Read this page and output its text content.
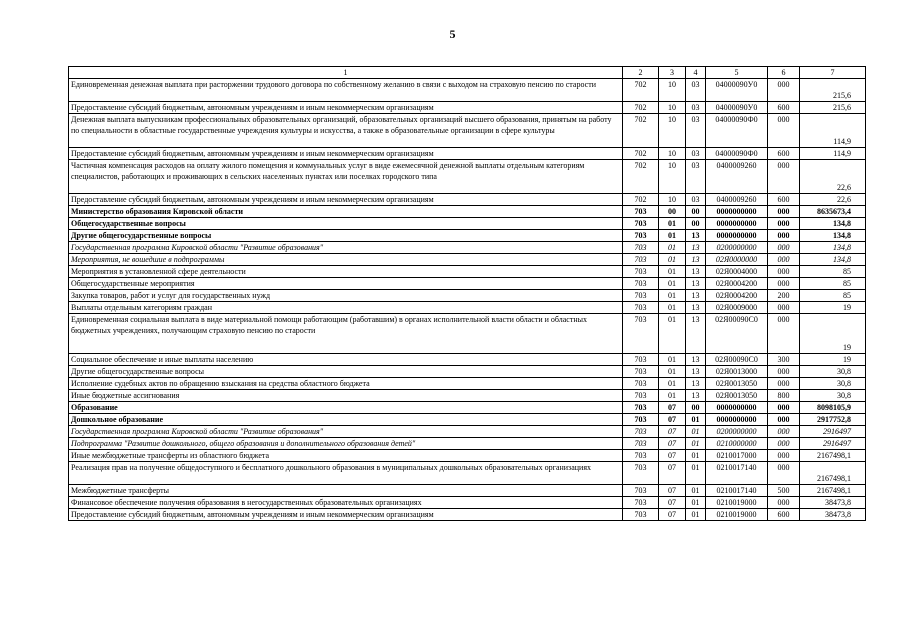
5
1	2	3	4	5	6	7
Единовременная денежная выплата при расторжении трудового договора по собственному желанию в связи с выходом на страховую пенсию по старости	702	10	03	04000090У0	000	215,6
Предоставление субсидий бюджетным, автономным учреждениям и иным некоммерческим организациям	702	10	03	04000090У0	600	215,6
Денежная выплата выпускникам профессиональных образовательных организаций, образовательных организаций высшего образования, принятым на работу по специальности в областные государственные учреждения культуры и искусства, а также в образовательные организации в сфере культуры	702	10	03	04000090Ф0	000	114,9
Предоставление субсидий бюджетным, автономным учреждениям и иным некоммерческим организациям	702	10	03	04000090Ф0	600	114,9
Частичная компенсация расходов на оплату жилого помещения и коммунальных услуг в виде ежемесячной денежной выплаты отдельным категориям специалистов, работающих и проживающих в сельских населенных пунктах или поселках городского типа	702	10	03	0400009260	000	22,6
Предоставление субсидий бюджетным, автономным учреждениям и иным некоммерческим организациям	702	10	03	0400009260	600	22,6
Министерство образования Кировской области	703	00	00	0000000000	000	8635673,4
Общегосударственные вопросы	703	01	00	0000000000	000	134,8
Другие общегосударственные вопросы	703	01	13	0000000000	000	134,8
Государственная программа Кировской области "Развитие образования"	703	01	13	0200000000	000	134,8
Мероприятия, не вошедшие в подпрограммы	703	01	13	02Я0000000	000	134,8
Мероприятия в установленной сфере деятельности	703	01	13	02Я0004000	000	85
Общегосударственные мероприятия	703	01	13	02Я0004200	000	85
Закупка товаров, работ и услуг для государственных нужд	703	01	13	02Я0004200	200	85
Выплаты отдельным категориям граждан	703	01	13	02Я0009000	000	19
Единовременная социальная выплата в виде материальной помощи работающим (работавшим) в органах исполнительной власти области и областных бюджетных учреждениях, получающим страховую пенсию по старости	703	01	13	02Я00090С0	000	19
Социальное обеспечение и иные выплаты населению	703	01	13	02Я00090С0	300	19
Другие общегосударственные вопросы	703	01	13	02Я0013000	000	30,8
Исполнение судебных актов по обращению взыскания на средства областного бюджета	703	01	13	02Я0013050	000	30,8
Иные бюджетные ассигнования	703	01	13	02Я0013050	800	30,8
Образование	703	07	00	0000000000	000	8098105,9
Дошкольное образование	703	07	01	0000000000	000	2917752,8
Государственная программа Кировской области "Развитие образования"	703	07	01	0200000000	000	2916497
Подпрограмма "Развитие дошкольного, общего образования и дополнительного образования детей"	703	07	01	0210000000	000	2916497
Иные межбюджетные трансферты из областного бюджета	703	07	01	0210017000	000	2167498,1
Реализация прав на получение общедоступного и бесплатного дошкольного образования в муниципальных дошкольных образовательных организациях	703	07	01	0210017140	000	2167498,1
Межбюджетные трансферты	703	07	01	0210017140	500	2167498,1
Финансовое обеспечение получения образования в негосударственных образовательных организациях	703	07	01	0210019000	000	38473,8
Предоставление субсидий бюджетным, автономным учреждениям и иным некоммерческим организациям	703	07	01	0210019000	600	38473,8
